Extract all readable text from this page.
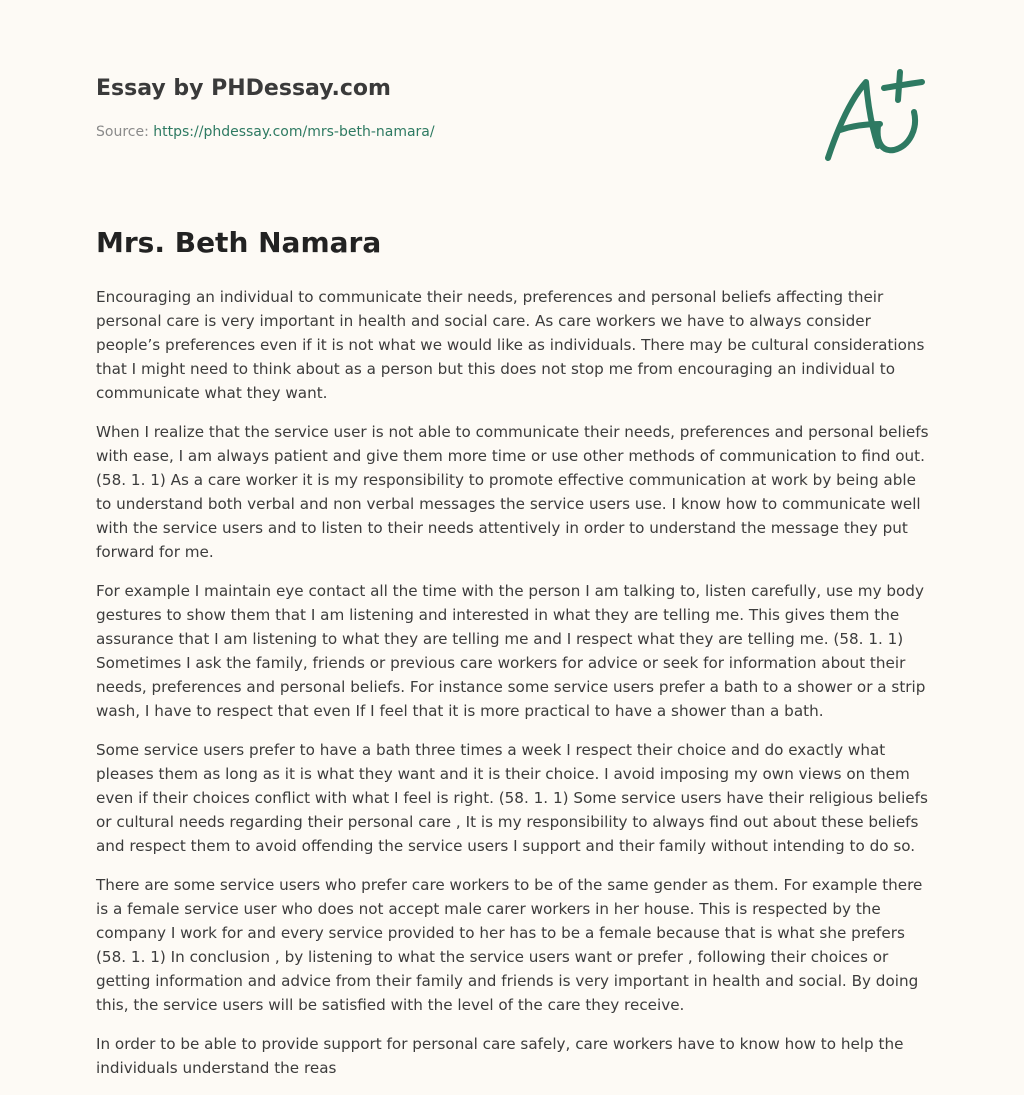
Essay by PHDessay.com
Source: https://phdessay.com/mrs-beth-namara/
Mrs. Beth Namara

Encouraging an individual to communicate their needs, preferences and personal beliefs affecting their personal care is very important in health and social care. As care workers we have to always consider people’s preferences even if it is not what we would like as individuals. There may be cultural considerations that I might need to think about as a person but this does not stop me from encouraging an individual to communicate what they want.

When I realize that the service user is not able to communicate their needs, preferences and personal beliefs with ease, I am always patient and give them more time or use other methods of communication to find out. (58. 1. 1) As a care worker it is my responsibility to promote effective communication at work by being able to understand both verbal and non verbal messages the service users use. I know how to communicate well with the service users and to listen to their needs attentively in order to understand the message they put forward for me.

For example I maintain eye contact all the time with the person I am talking to, listen carefully, use my body gestures to show them that I am listening and interested in what they are telling me. This gives them the assurance that I am listening to what they are telling me and I respect what they are telling me. (58. 1. 1) Sometimes I ask the family, friends or previous care workers for advice or seek for information about their needs, preferences and personal beliefs. For instance some service users prefer a bath to a shower or a strip wash, I have to respect that even If I feel that it is more practical to have a shower than a bath.

Some service users prefer to have a bath three times a week I respect their choice and do exactly what pleases them as long as it is what they want and it is their choice. I avoid imposing my own views on them even if their choices conflict with what I feel is right. (58. 1. 1) Some service users have their religious beliefs or cultural needs regarding their personal care , It is my responsibility to always find out about these beliefs and respect them to avoid offending the service users I support and their family without intending to do so.

There are some service users who prefer care workers to be of the same gender as them. For example there is a female service user who does not accept male carer workers in her house. This is respected by the company I work for and every service provided to her has to be a female because that is what she prefers (58. 1. 1) In conclusion , by listening to what the service users want or prefer , following their choices or getting information and advice from their family and friends is very important in health and social. By doing this, the service users will be satisfied with the level of the care they receive.

In order to be able to provide support for personal care safely, care workers have to know how to help the individuals understand the reas
